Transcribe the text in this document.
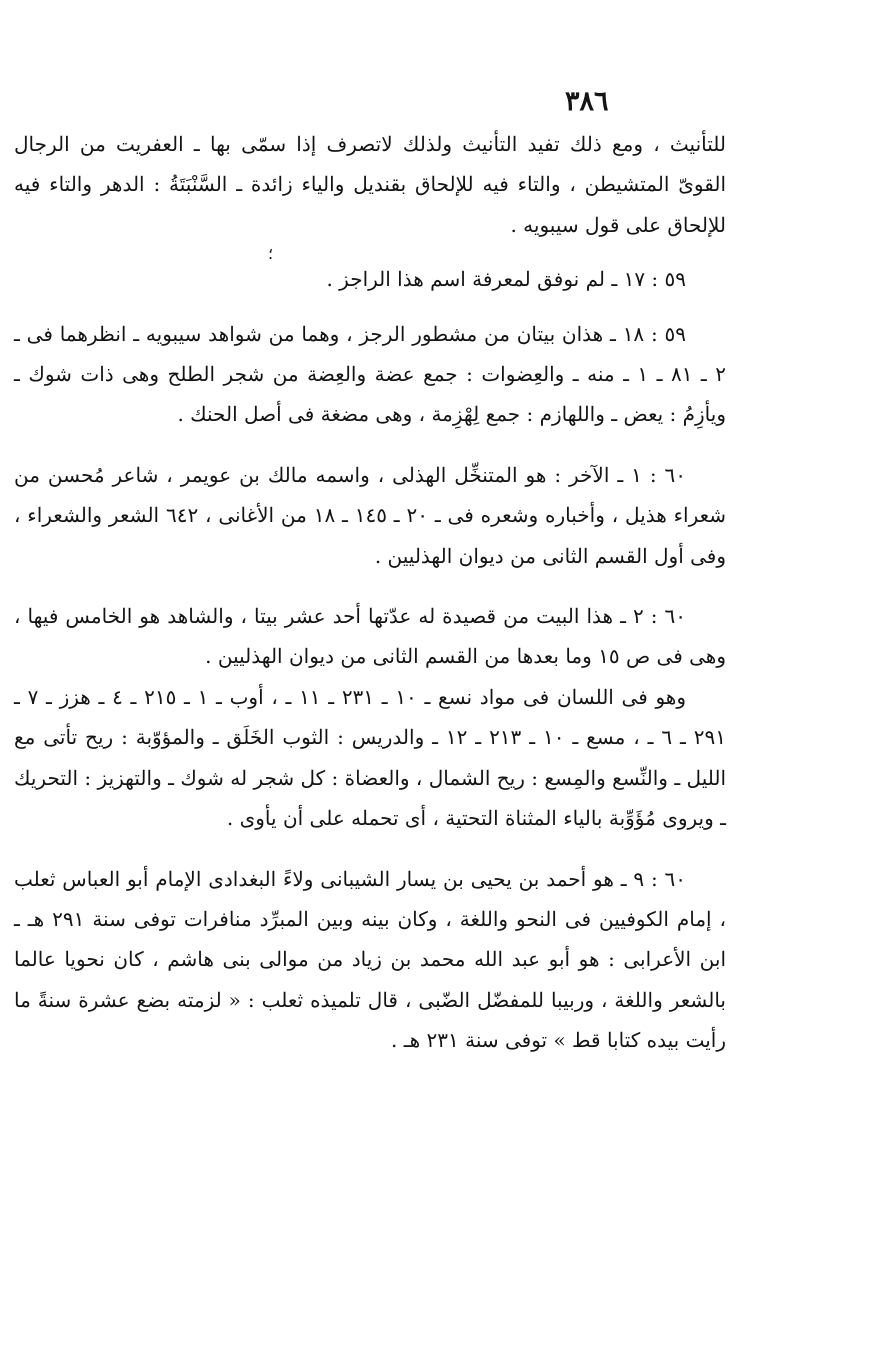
٣٨٦
؛

للتأنيث ، ومع ذلك تفيد التأنيث ولذلك لاتصرف إذا سمّى بها ـ العفريت من الرجال القوىّ المتشيطن ، والتاء فيه للإلحاق بقنديل والياء زائدة ـ السَّنْبَتَةُ : الدهر والتاء فيه للإلحاق على قول سيبويه .

٥٩ : ١٧ ـ لم نوفق لمعرفة اسم هذا الراجز .

٥٩ : ١٨ ـ هذان بيتان من مشطور الرجز ، وهما من شواهد سيبويه ـ انظرهما فى ـ ٢ ـ ٨١ ـ ١ ـ منه ـ والعِضوات : جمع عضة والعِضة من شجر الطلح وهى ذات شوك ـ ويأزِمُ : يعض ـ واللهازم : جمع لِهْزِمة ، وهى مضغة فى أصل الحنك .

٦٠ : ١ ـ الآخر : هو المتنخِّل الهذلى ، واسمه مالك بن عويمر ، شاعر مُحسن من شعراء هذيل ، وأخباره وشعره فى ـ ٢٠ ـ ١٤٥ ـ ١٨ من الأغانى ، ٦٤٢ الشعر والشعراء ، وفى أول القسم الثانى من ديوان الهذليين .

٦٠ : ٢ ـ هذا البيت من قصيدة له عدّتها أحد عشر بيتا ، والشاهد هو الخامس فيها ، وهى فى ص ١٥ وما بعدها من القسم الثانى من ديوان الهذليين .

وهو فى اللسان فى مواد نسع ـ ١٠ ـ ٢٣١ ـ ١١ ـ ، أوب ـ ١ ـ ٢١٥ ـ ٤ ـ هزز ـ ٧ ـ ٢٩١ ـ ٦ ـ ، مسع ـ ١٠ ـ ٢١٣ ـ ١٢ ـ والدريس : الثوب الخَلَق ـ والمؤوّبة : ريح تأتى مع الليل ـ والنِّسع والمِسع : ريح الشمال ، والعضاة : كل شجر له شوك ـ والتهزيز : التحريك ـ ويروى مُؤَوِّبة بالياء المثناة التحتية ، أى تحمله على أن يأوى .

٦٠ : ٩ ـ هو أحمد بن يحيى بن يسار الشيبانى ولاءً البغدادى الإمام أبو العباس ثعلب ، إمام الكوفيين فى النحو واللغة ، وكان بينه وبين المبرِّد منافرات توفى سنة ٢٩١ هـ ـ ابن الأعرابى : هو أبو عبد الله محمد بن زياد من موالى بنى هاشم ، كان نحويا عالما بالشعر واللغة ، وربيبا للمفضّل الضّبى ، قال تلميذه ثعلب : « لزمته بضع عشرة سنةً ما رأيت بيده كتابا قط » توفى سنة ٢٣١ هـ .
